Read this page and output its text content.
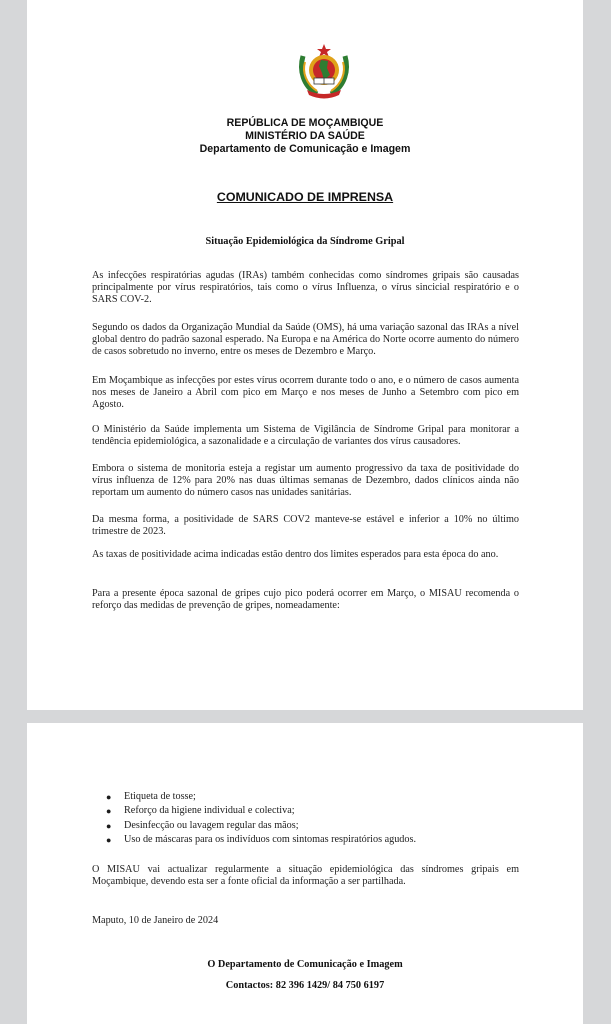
REPÚBLICA DE MOÇAMBIQUE
MINISTÉRIO DA SAÚDE
Departamento de Comunicação e Imagem
COMUNICADO DE IMPRENSA
Situação Epidemiológica da Síndrome Gripal

As infecções respiratórias agudas (IRAs) também conhecidas como síndromes gripais são causadas principalmente por vírus respiratórios, tais como o vírus Influenza, o vírus sincicial respiratório e o SARS COV-2.

Segundo os dados da Organização Mundial da Saúde (OMS), há uma variação sazonal das IRAs a nível global dentro do padrão sazonal esperado. Na Europa e na América do Norte ocorre aumento do número de casos sobretudo no inverno, entre os meses de Dezembro e Março.

Em Moçambique as infecções por estes vírus ocorrem durante todo o ano, e o número de casos aumenta nos meses de Janeiro a Abril com pico em Março e nos meses de Junho a Setembro com pico em Agosto.

O Ministério da Saúde implementa um Sistema de Vigilância de Síndrome Gripal para monitorar a tendência epidemiológica, a sazonalidade e a circulação de variantes dos vírus causadores.

Embora o sistema de monitoria esteja a registar um aumento progressivo da taxa de positividade do vírus influenza de 12% para 20% nas duas últimas semanas de Dezembro, dados clínicos ainda não reportam um aumento do número casos nas unidades sanitárias.

Da mesma forma, a positividade de SARS COV2 manteve-se estável e inferior a 10% no último trimestre de 2023.

As taxas de positividade acima indicadas estão dentro dos limites esperados para esta época do ano.

Para a presente época sazonal de gripes cujo pico poderá ocorrer em Março, o MISAU recomenda o reforço das medidas de prevenção de gripes, nomeadamente:

● Etiqueta de tosse;
● Reforço da higiene individual e colectiva;
● Desinfecção ou lavagem regular das mãos;
● Uso de máscaras para os indivíduos com sintomas respiratórios agudos.

O MISAU vai actualizar regularmente a situação epidemiológica das síndromes gripais em Moçambique, devendo esta ser a fonte oficial da informação a ser partilhada.

Maputo, 10 de Janeiro de 2024

O Departamento de Comunicação e Imagem
Contactos: 82 396 1429/ 84 750 6197
